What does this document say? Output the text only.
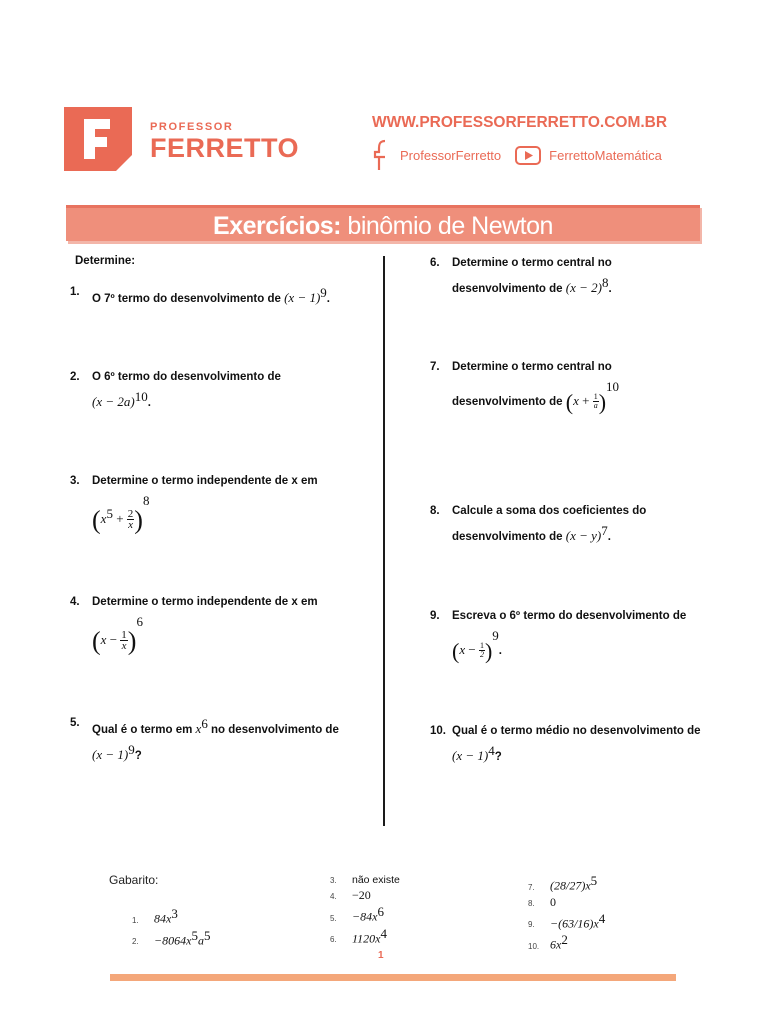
PROFESSOR
FERRETTO
WWW.PROFESSORFERRETTO.COM.BR
ProfessorFerretto	FerrettoMatemática
Exercícios: binômio de Newton
Determine:
1.
O 7º termo do desenvolvimento de $(x - 1)^9$.
2.	O 6º termo do desenvolvimento de
$(x - 2a)^{10}$.
3.	Determine o termo independente de x em
$(x^5 + \frac{2}{x} )^8$
4.	Determine o termo independente de x em
$(x - \frac{1}{x} )^6$
5.
Qual é o termo em $x^6$ no desenvolvimento de
$(x - 1)^9$?
6.	Determine o termo central no desenvolvimento de $(x - 2)^8$.
7.	Determine o termo central no
desenvolvimento de $(x + \frac{1}{a} )^{10}$
8.	Calcule a soma dos coeficientes do desenvolvimento de $(x - y)^7$.
9.	Escreva o 6º termo do desenvolvimento de
$(x - \frac{1}{2} )^9$.
10. Qual é o termo médio no desenvolvimento de
$(x - 1)^4$?
Gabarito:
1. $84x^3$
2. $-8064x^5a^5$
3. não existe
4. −20
5. $-84x^6$
6. $1120x^4$
7. $(28/27)x^5$
8. 0
9. $-(63/16)x^4$
10. $6x^2$
1
